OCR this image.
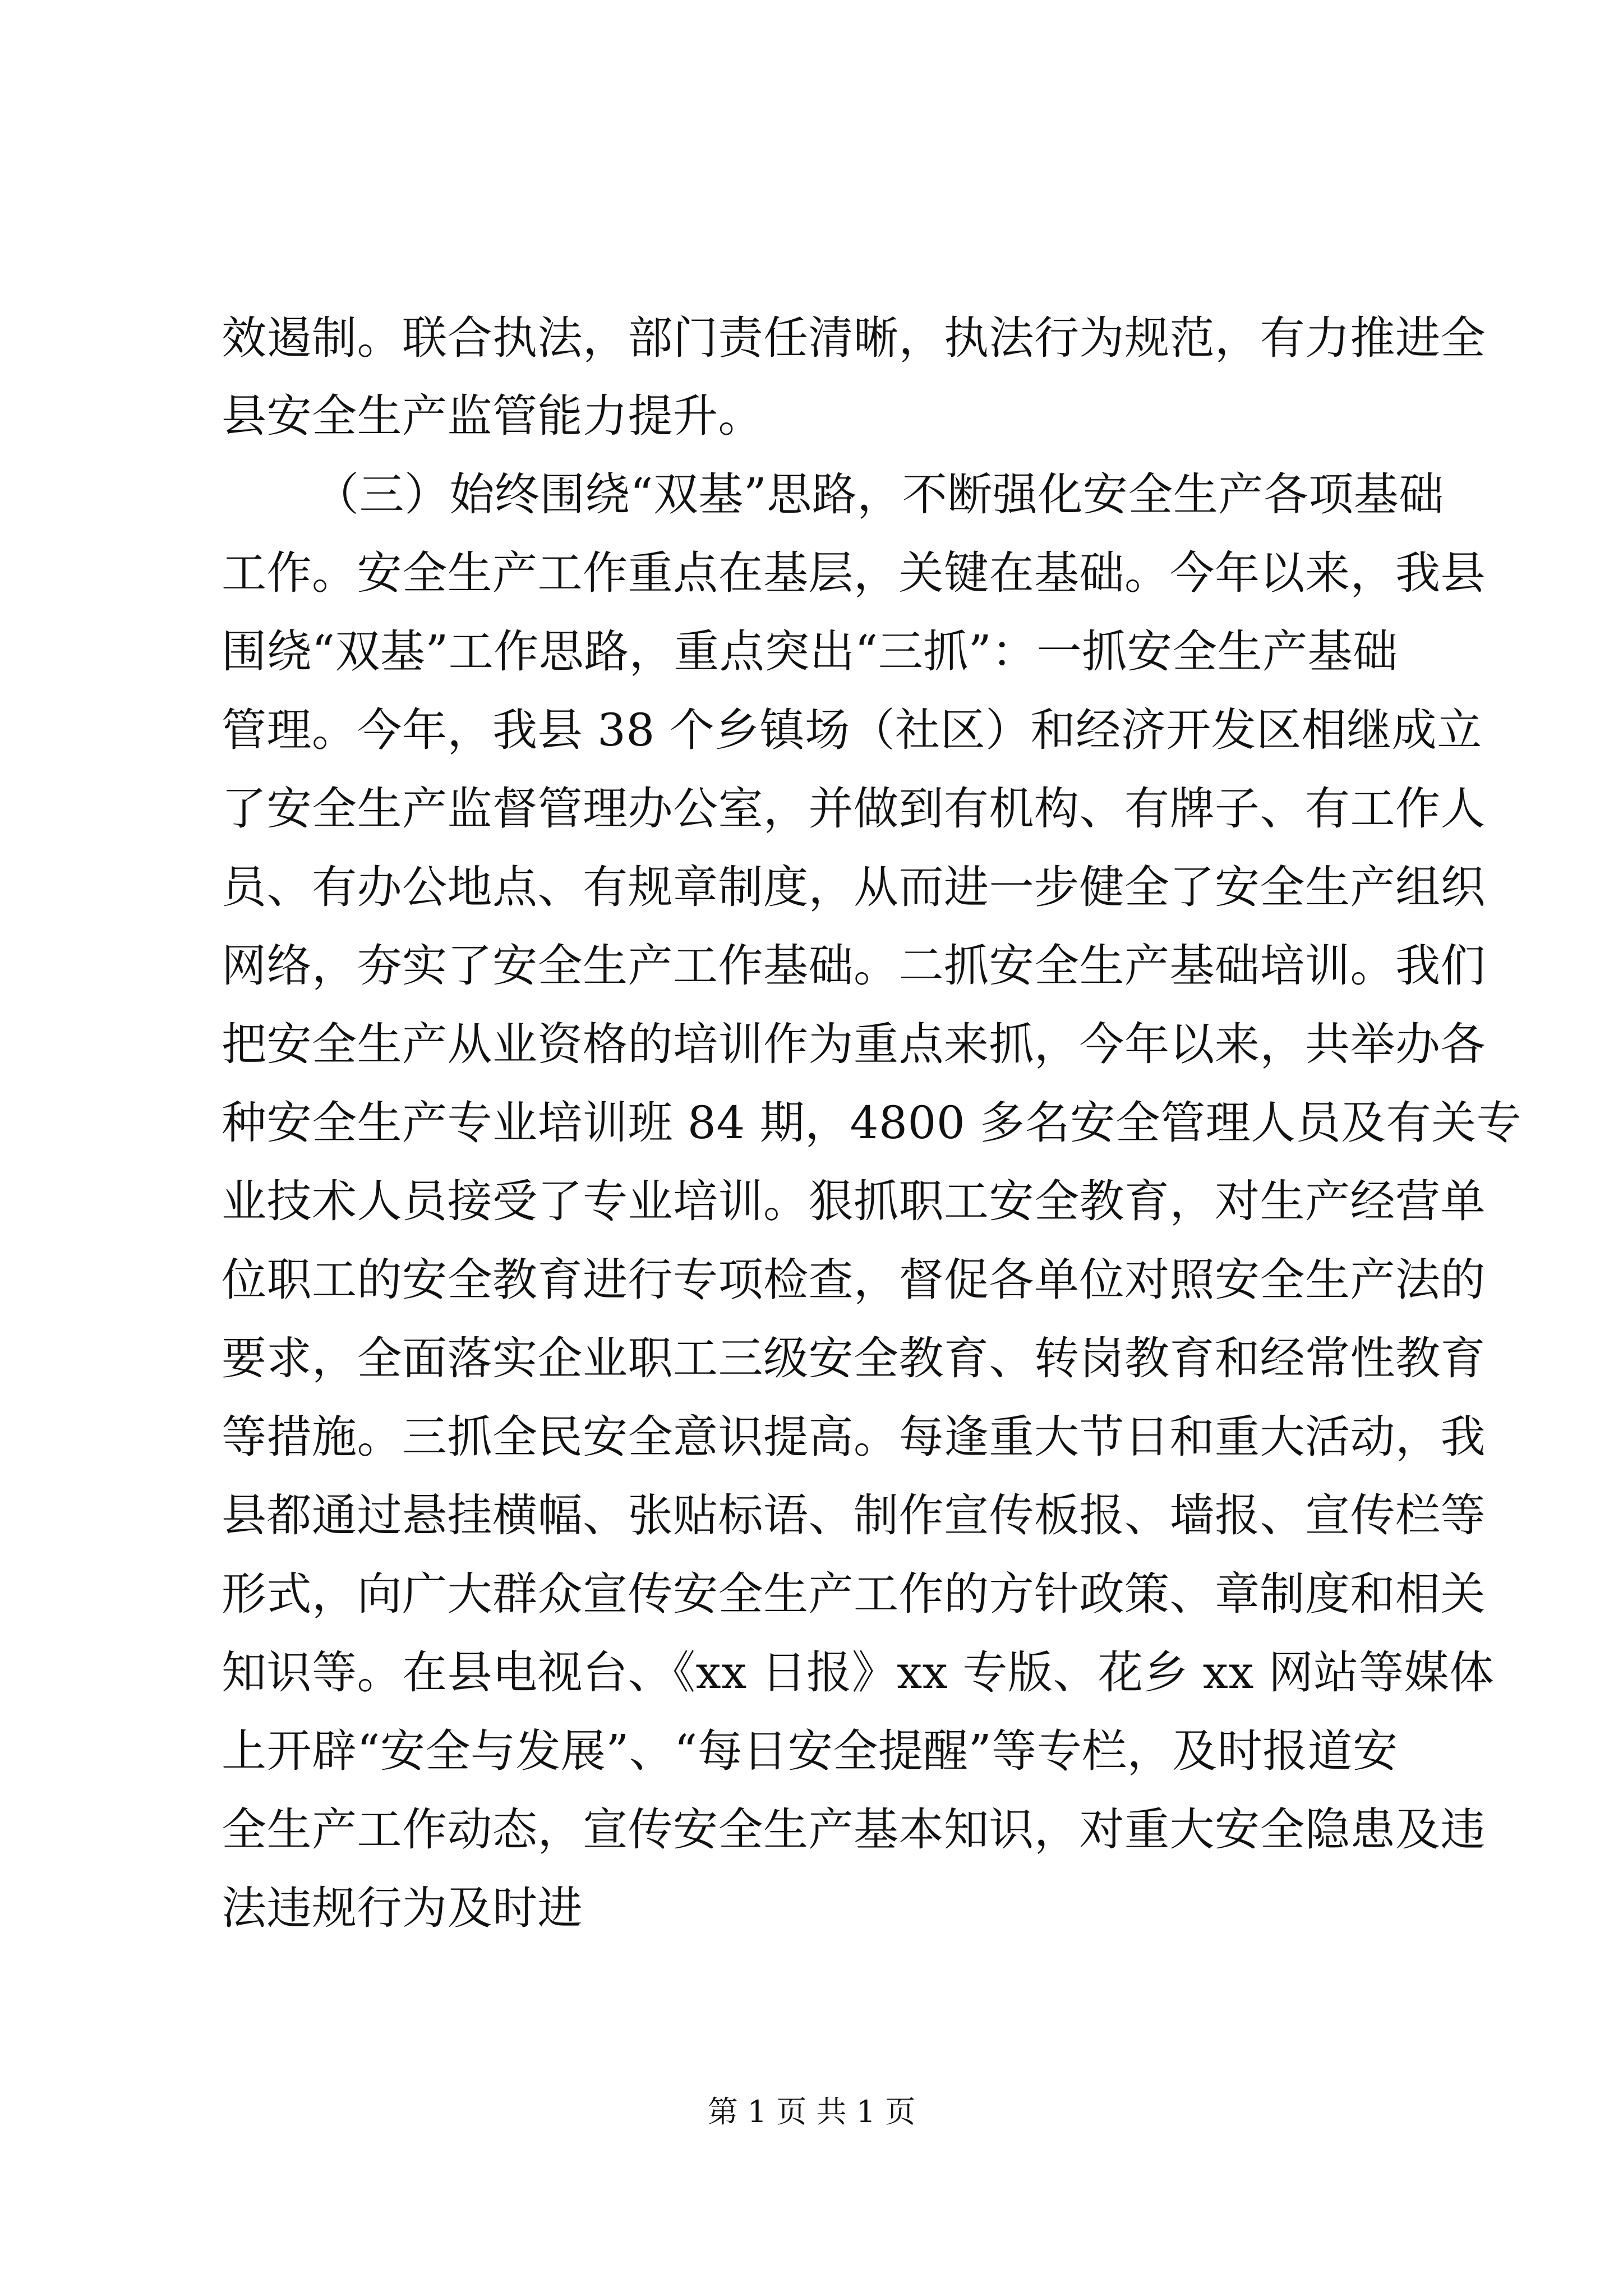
效遏制。联合执法，部门责任清晰，执法行为规范，有力推进全
县安全生产监管能力提升。
（三）始终围绕“双基”思路，不断强化安全生产各项基础
工作。安全生产工作重点在基层，关键在基础。今年以来，我县
围绕“双基”工作思路，重点突出“三抓”：一抓安全生产基础
管理。今年，我县 38 个乡镇场（社区）和经济开发区相继成立
了安全生产监督管理办公室，并做到有机构、有牌子、有工作人
员、有办公地点、有规章制度，从而进一步健全了安全生产组织
网络，夯实了安全生产工作基础。二抓安全生产基础培训。我们
把安全生产从业资格的培训作为重点来抓，今年以来，共举办各
种安全生产专业培训班 84 期，4800 多名安全管理人员及有关专
业技术人员接受了专业培训。狠抓职工安全教育，对生产经营单
位职工的安全教育进行专项检查，督促各单位对照安全生产法的
要求，全面落实企业职工三级安全教育、转岗教育和经常性教育
等措施。三抓全民安全意识提高。每逢重大节日和重大活动，我
县都通过悬挂横幅、张贴标语、制作宣传板报、墙报、宣传栏等
形式，向广大群众宣传安全生产工作的方针政策、章制度和相关
知识等。在县电视台、《xx 日报》xx 专版、花乡 xx 网站等媒体
上开辟“安全与发展”、“每日安全提醒”等专栏，及时报道安
全生产工作动态，宣传安全生产基本知识，对重大安全隐患及违
法违规行为及时进
第 1 页 共 1 页
